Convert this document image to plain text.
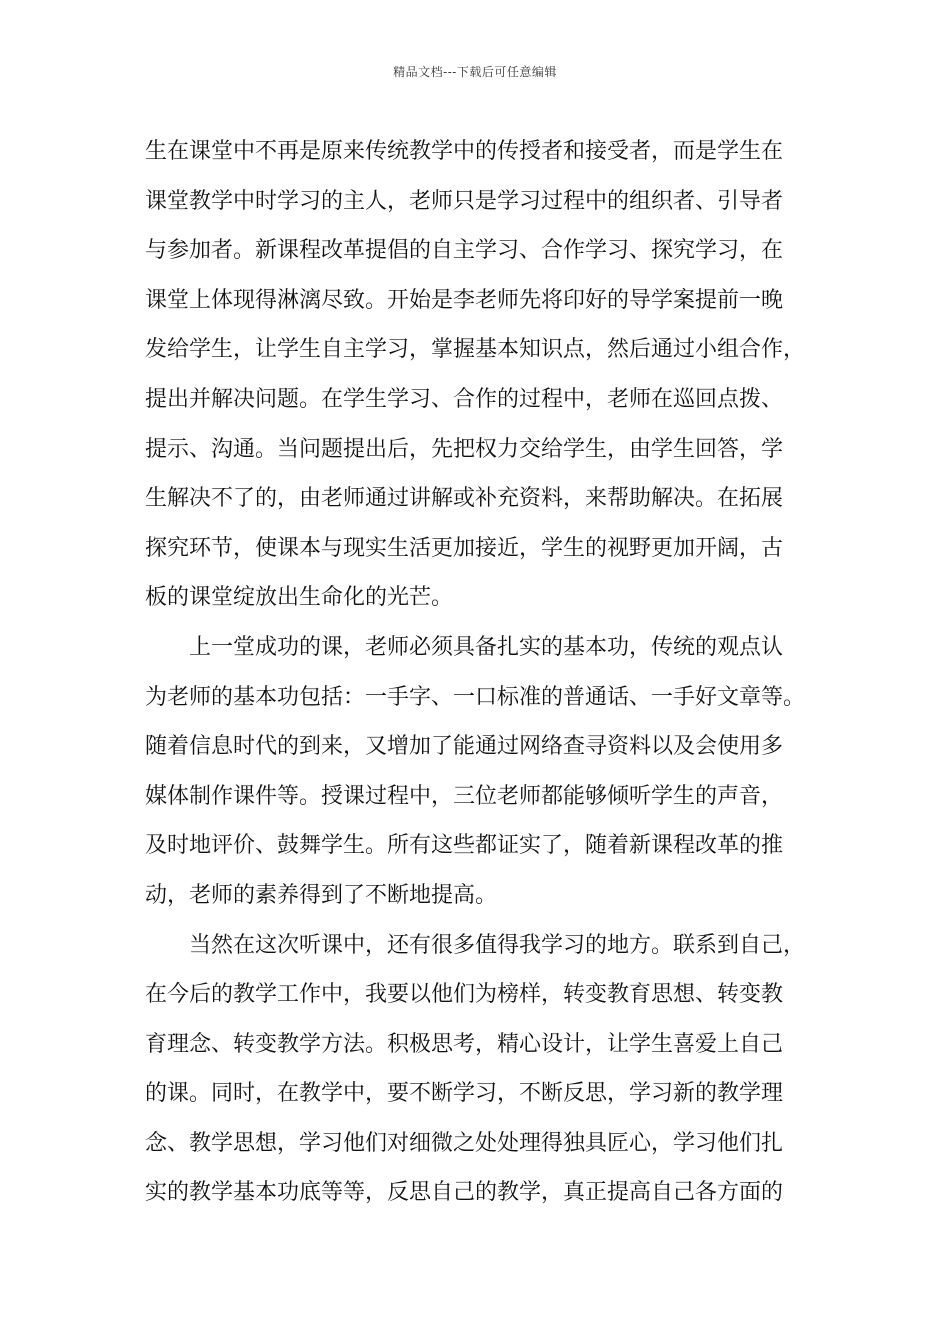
精品文档---下载后可任意编辑
生在课堂中不再是原来传统教学中的传授者和接受者，而是学生在
课堂教学中时学习的主人，老师只是学习过程中的组织者、引导者
与参加者。新课程改革提倡的自主学习、合作学习、探究学习，在
课堂上体现得淋漓尽致。开始是李老师先将印好的导学案提前一晚
发给学生，让学生自主学习，掌握基本知识点，然后通过小组合作，
提出并解决问题。在学生学习、合作的过程中，老师在巡回点拨、
提示、沟通。当问题提出后，先把权力交给学生，由学生回答，学
生解决不了的，由老师通过讲解或补充资料，来帮助解决。在拓展
探究环节，使课本与现实生活更加接近，学生的视野更加开阔，古
板的课堂绽放出生命化的光芒。
上一堂成功的课，老师必须具备扎实的基本功，传统的观点认
为老师的基本功包括：一手字、一口标准的普通话、一手好文章等。
随着信息时代的到来，又增加了能通过网络查寻资料以及会使用多
媒体制作课件等。授课过程中，三位老师都能够倾听学生的声音，
及时地评价、鼓舞学生。所有这些都证实了，随着新课程改革的推
动，老师的素养得到了不断地提高。
当然在这次听课中，还有很多值得我学习的地方。联系到自己，
在今后的教学工作中，我要以他们为榜样，转变教育思想、转变教
育理念、转变教学方法。积极思考，精心设计，让学生喜爱上自己
的课。同时，在教学中，要不断学习，不断反思，学习新的教学理
念、教学思想，学习他们对细微之处处理得独具匠心，学习他们扎
实的教学基本功底等等，反思自己的教学，真正提高自己各方面的
